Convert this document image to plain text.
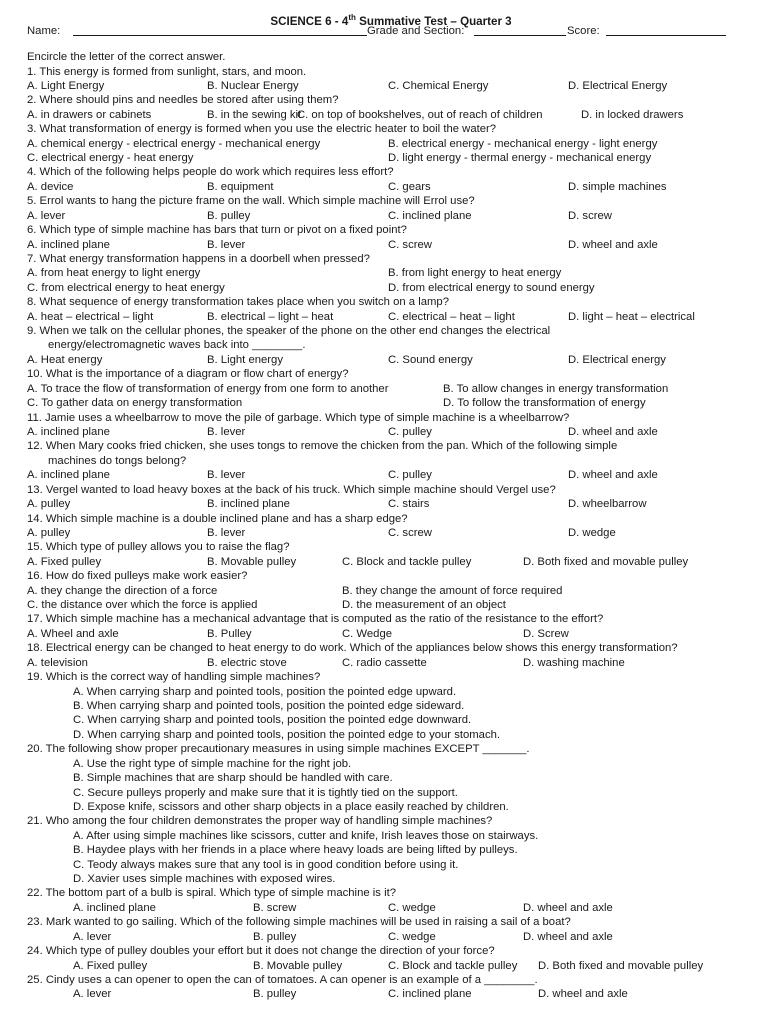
SCIENCE 6 - 4th Summative Test – Quarter 3
Name:	Grade and Section:	Score:
Encircle the letter of the correct answer.
1. This energy is formed from sunlight, stars, and moon.
A. Light Energy	B. Nuclear Energy	C. Chemical Energy	D. Electrical Energy
2. Where should pins and needles be stored after using them?
A. in drawers or cabinets	B. in the sewing kit
C. on top of bookshelves, out of reach of children	D. in locked drawers
3. What transformation of energy is formed when you use the electric heater to boil the water?
A. chemical energy - electrical energy - mechanical energy	B. electrical energy - mechanical energy - light energy
C. electrical energy - heat energy	D. light energy - thermal energy - mechanical energy
4. Which of the following helps people do work which requires less effort?
A. device	B. equipment	C. gears	D. simple machines
5. Errol wants to hang the picture frame on the wall. Which simple machine will Errol use?
A. lever	B. pulley	C. inclined plane	D. screw
6. Which type of simple machine has bars that turn or pivot on a fixed point?
A. inclined plane	B. lever	C. screw	D. wheel and axle
7. What energy transformation happens in a doorbell when pressed?
A. from heat energy to light energy	B. from light energy to heat energy
C. from electrical energy to heat energy	D. from electrical energy to sound energy
8. What sequence of energy transformation takes place when you switch on a lamp?
A. heat – electrical – light	B. electrical – light – heat	C. electrical – heat – light	D. light – heat – electrical
9. When we talk on the cellular phones, the speaker of the phone on the other end changes the electrical
energy/electromagnetic waves back into ________.
A. Heat energy	B. Light energy	C. Sound energy	D. Electrical energy
10. What is the importance of a diagram or flow chart of energy?
A. To trace the flow of transformation of energy from one form to another	B. To allow changes in energy transformation
C. To gather data on energy transformation	D. To follow the transformation of energy
11. Jamie uses a wheelbarrow to move the pile of garbage. Which type of simple machine is a wheelbarrow?
A. inclined plane	B. lever	C. pulley	D. wheel and axle
12. When Mary cooks fried chicken, she uses tongs to remove the chicken from the pan. Which of the following simple
machines do tongs belong?
A. inclined plane	B. lever	C. pulley	D. wheel and axle
13. Vergel wanted to load heavy boxes at the back of his truck. Which simple machine should Vergel use?
A. pulley	B. inclined plane	C. stairs	D. wheelbarrow
14. Which simple machine is a double inclined plane and has a sharp edge?
A. pulley	B. lever	C. screw	D. wedge
15. Which type of pulley allows you to raise the flag?
A. Fixed pulley	B. Movable pulley	C. Block and tackle pulley	D. Both fixed and movable pulley
16. How do fixed pulleys make work easier?
A. they change the direction of a force	B. they change the amount of force required
C. the distance over which the force is applied	D. the measurement of an object
17. Which simple machine has a mechanical advantage that is computed as the ratio of the resistance to the effort?
A. Wheel and axle	B. Pulley	C. Wedge	D. Screw
18. Electrical energy can be changed to heat energy to do work. Which of the appliances below shows this energy transformation?
A. television	B. electric stove	C. radio cassette	D. washing machine
19. Which is the correct way of handling simple machines?
A. When carrying sharp and pointed tools, position the pointed edge upward.
B. When carrying sharp and pointed tools, position the pointed edge sideward.
C. When carrying sharp and pointed tools, position the pointed edge downward.
D. When carrying sharp and pointed tools, position the pointed edge to your stomach.
20. The following show proper precautionary measures in using simple machines EXCEPT _______.
A. Use the right type of simple machine for the right job.
B. Simple machines that are sharp should be handled with care.
C. Secure pulleys properly and make sure that it is tightly tied on the support.
D. Expose knife, scissors and other sharp objects in a place easily reached by children.
21. Who among the four children demonstrates the proper way of handling simple machines?
A. After using simple machines like scissors, cutter and knife, Irish leaves those on stairways.
B. Haydee plays with her friends in a place where heavy loads are being lifted by pulleys.
C. Teody always makes sure that any tool is in good condition before using it.
D. Xavier uses simple machines with exposed wires.
22. The bottom part of a bulb is spiral. Which type of simple machine is it?
A. inclined plane	B. screw	C. wedge	D. wheel and axle
23. Mark wanted to go sailing. Which of the following simple machines will be used in raising a sail of a boat?
A. lever	B. pulley	C. wedge	D. wheel and axle
24. Which type of pulley doubles your effort but it does not change the direction of your force?
A. Fixed pulley	B. Movable pulley	C. Block and tackle pulley D. Both fixed and movable pulley
25. Cindy uses a can opener to open the can of tomatoes. A can opener is an example of a ________.
A. lever	B. pulley	C. inclined plane	D. wheel and axle
